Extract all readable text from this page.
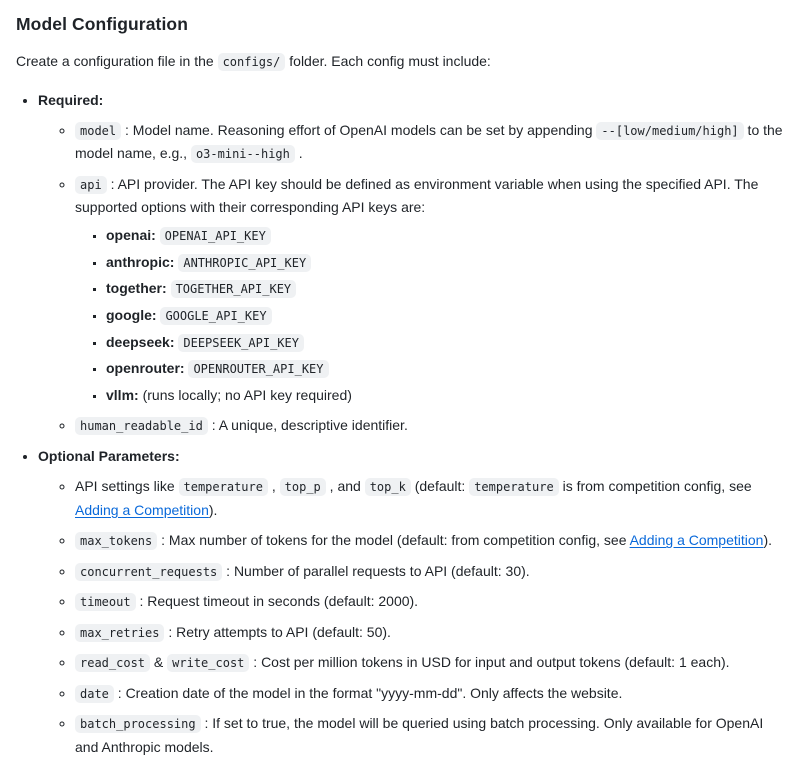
Model Configuration

Create a configuration file in the configs/ folder. Each config must include:

• Required:
◦ model : Model name. Reasoning effort of OpenAI models can be set by appending --[low/medium/high] to the model name, e.g., o3-mini--high .
◦ api : API provider. The API key should be defined as environment variable when using the specified API. The supported options with their corresponding API keys are:
▪ openai: OPENAI_API_KEY
▪ anthropic: ANTHROPIC_API_KEY
▪ together: TOGETHER_API_KEY
▪ google: GOOGLE_API_KEY
▪ deepseek: DEEPSEEK_API_KEY
▪ openrouter: OPENROUTER_API_KEY
▪ vllm: (runs locally; no API key required)
◦ human_readable_id : A unique, descriptive identifier.
• Optional Parameters:
◦ API settings like temperature , top_p , and top_k (default: temperature is from competition config, see Adding a Competition).
◦ max_tokens : Max number of tokens for the model (default: from competition config, see Adding a Competition).
◦ concurrent_requests : Number of parallel requests to API (default: 30).
◦ timeout : Request timeout in seconds (default: 2000).
◦ max_retries : Retry attempts to API (default: 50).
◦ read_cost & write_cost : Cost per million tokens in USD for input and output tokens (default: 1 each).
◦ date : Creation date of the model in the format "yyyy-mm-dd". Only affects the website.
◦ batch_processing : If set to true, the model will be queried using batch processing. Only available for OpenAI and Anthropic models.
